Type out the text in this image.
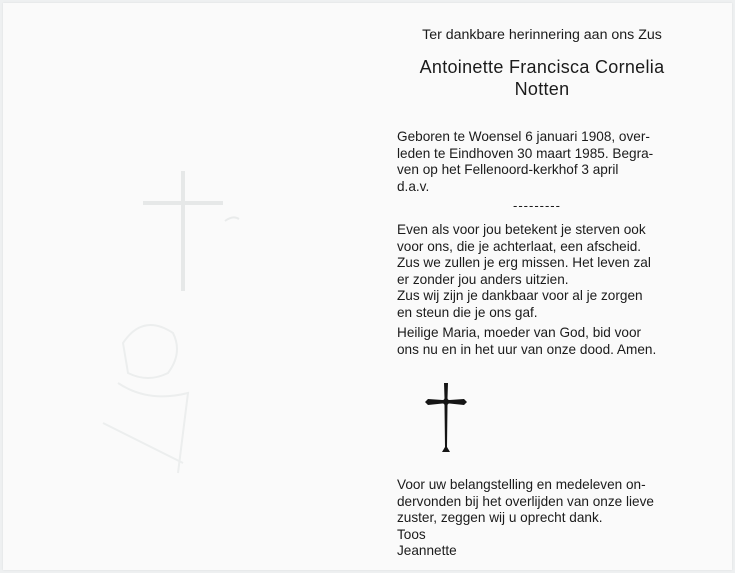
Ter dankbare herinnering aan ons Zus
Antoinette Francisca Cornelia
Notten
Geboren te Woensel 6 januari 1908, over-
leden te Eindhoven 30 maart 1985. Begra-
ven op het Fellenoord-kerkhof 3 april
d.a.v.
---------
Even als voor jou betekent je sterven ook
voor ons, die je achterlaat, een afscheid.
Zus we zullen je erg missen. Het leven zal
er zonder jou anders uitzien.
Zus wij zijn je dankbaar voor al je zorgen
en steun die je ons gaf.
Heilige Maria, moeder van God, bid voor
ons nu en in het uur van onze dood. Amen.
Voor uw belangstelling en medeleven on-
dervonden bij het overlijden van onze lieve
zuster, zeggen wij u oprecht dank.
Toos
Jeannette
